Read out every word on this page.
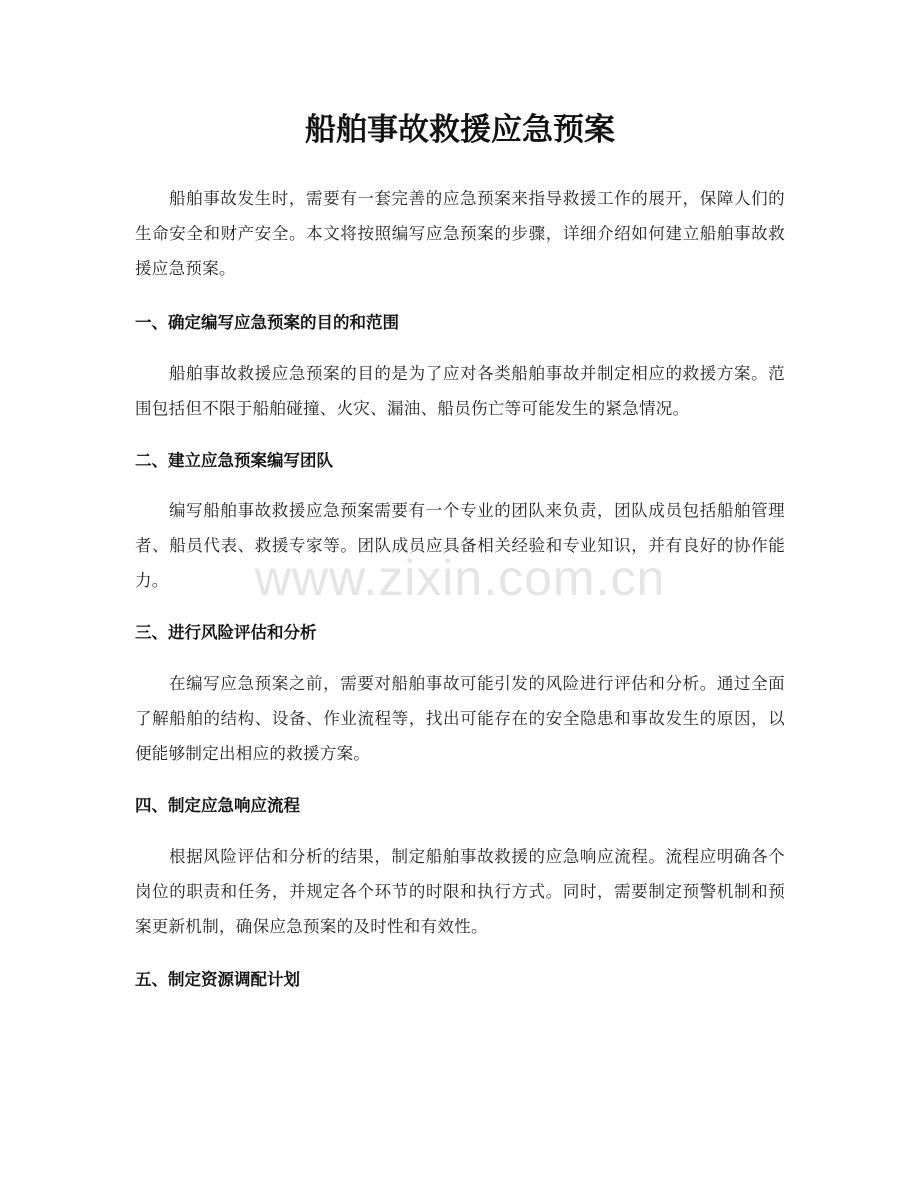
船舶事故救援应急预案

船舶事故发生时，需要有一套完善的应急预案来指导救援工作的展开，保障人们的生命安全和财产安全。本文将按照编写应急预案的步骤，详细介绍如何建立船舶事故救援应急预案。

一、确定编写应急预案的目的和范围

船舶事故救援应急预案的目的是为了应对各类船舶事故并制定相应的救援方案。范围包括但不限于船舶碰撞、火灾、漏油、船员伤亡等可能发生的紧急情况。

二、建立应急预案编写团队

编写船舶事故救援应急预案需要有一个专业的团队来负责，团队成员包括船舶管理者、船员代表、救援专家等。团队成员应具备相关经验和专业知识，并有良好的协作能力。

三、进行风险评估和分析

在编写应急预案之前，需要对船舶事故可能引发的风险进行评估和分析。通过全面了解船舶的结构、设备、作业流程等，找出可能存在的安全隐患和事故发生的原因，以便能够制定出相应的救援方案。

四、制定应急响应流程

根据风险评估和分析的结果，制定船舶事故救援的应急响应流程。流程应明确各个岗位的职责和任务，并规定各个环节的时限和执行方式。同时，需要制定预警机制和预案更新机制，确保应急预案的及时性和有效性。

五、制定资源调配计划
www.zixin.com.cn
